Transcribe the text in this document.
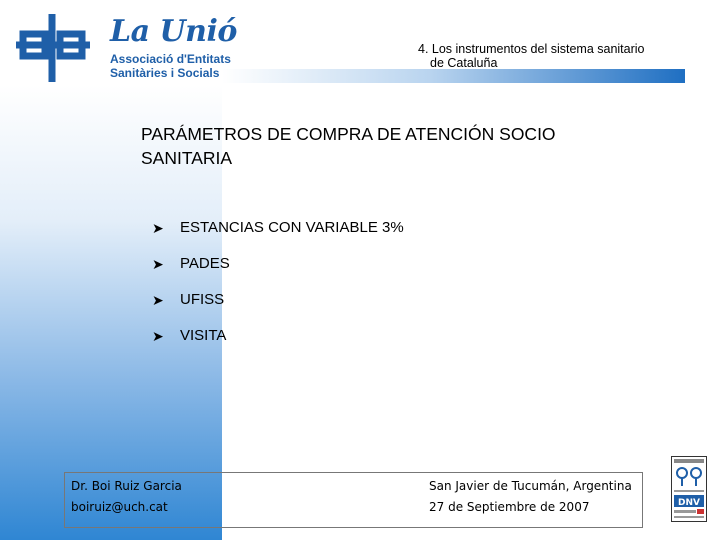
La Unió
Associació d'Entitats
Sanitàries i Socials
4. Los instrumentos del sistema sanitario
de Cataluña
PARÁMETROS DE COMPRA DE ATENCIÓN SOCIO
SANITARIA
➤	ESTANCIAS CON VARIABLE 3%
➤	PADES
➤	UFISS
➤	VISITA
Dr. Boi Ruiz Garcia
boiruiz@uch.cat
San Javier de Tucumán, Argentina
27 de Septiembre de 2007	DNV
